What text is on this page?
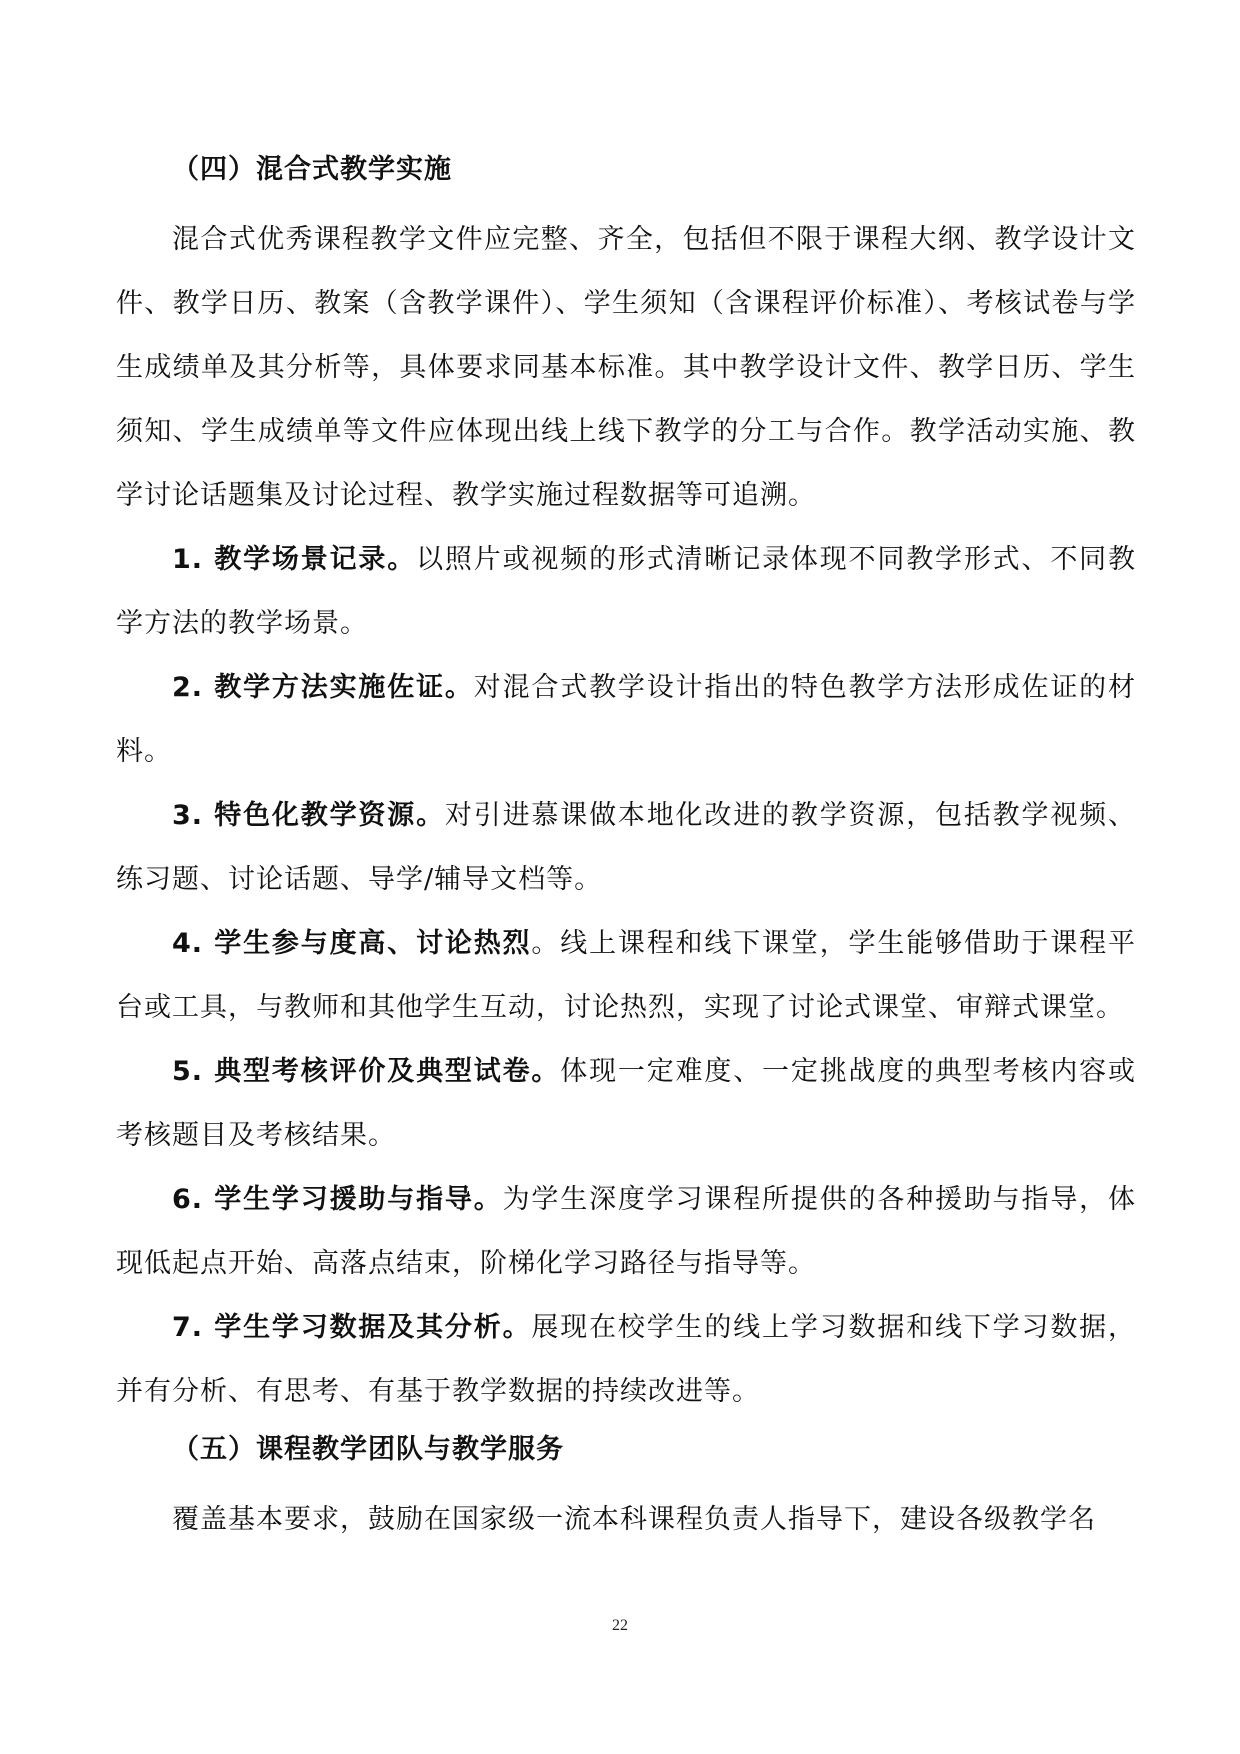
（四）混合式教学实施

混合式优秀课程教学文件应完整、齐全，包括但不限于课程大纲、教学设计文件、教学日历、教案（含教学课件）、学生须知（含课程评价标准）、考核试卷与学生成绩单及其分析等，具体要求同基本标准。其中教学设计文件、教学日历、学生须知、学生成绩单等文件应体现出线上线下教学的分工与合作。教学活动实施、教学讨论话题集及讨论过程、教学实施过程数据等可追溯。

1. 教学场景记录。以照片或视频的形式清晰记录体现不同教学形式、不同教学方法的教学场景。

2. 教学方法实施佐证。对混合式教学设计指出的特色教学方法形成佐证的材料。

3. 特色化教学资源。对引进慕课做本地化改进的教学资源，包括教学视频、练习题、讨论话题、导学/辅导文档等。

4. 学生参与度高、讨论热烈。线上课程和线下课堂，学生能够借助于课程平台或工具，与教师和其他学生互动，讨论热烈，实现了讨论式课堂、审辩式课堂。

5. 典型考核评价及典型试卷。体现一定难度、一定挑战度的典型考核内容或考核题目及考核结果。

6. 学生学习援助与指导。为学生深度学习课程所提供的各种援助与指导，体现低起点开始、高落点结束，阶梯化学习路径与指导等。

7. 学生学习数据及其分析。展现在校学生的线上学习数据和线下学习数据，并有分析、有思考、有基于教学数据的持续改进等。

（五）课程教学团队与教学服务

覆盖基本要求，鼓励在国家级一流本科课程负责人指导下，建设各级教学名

22
